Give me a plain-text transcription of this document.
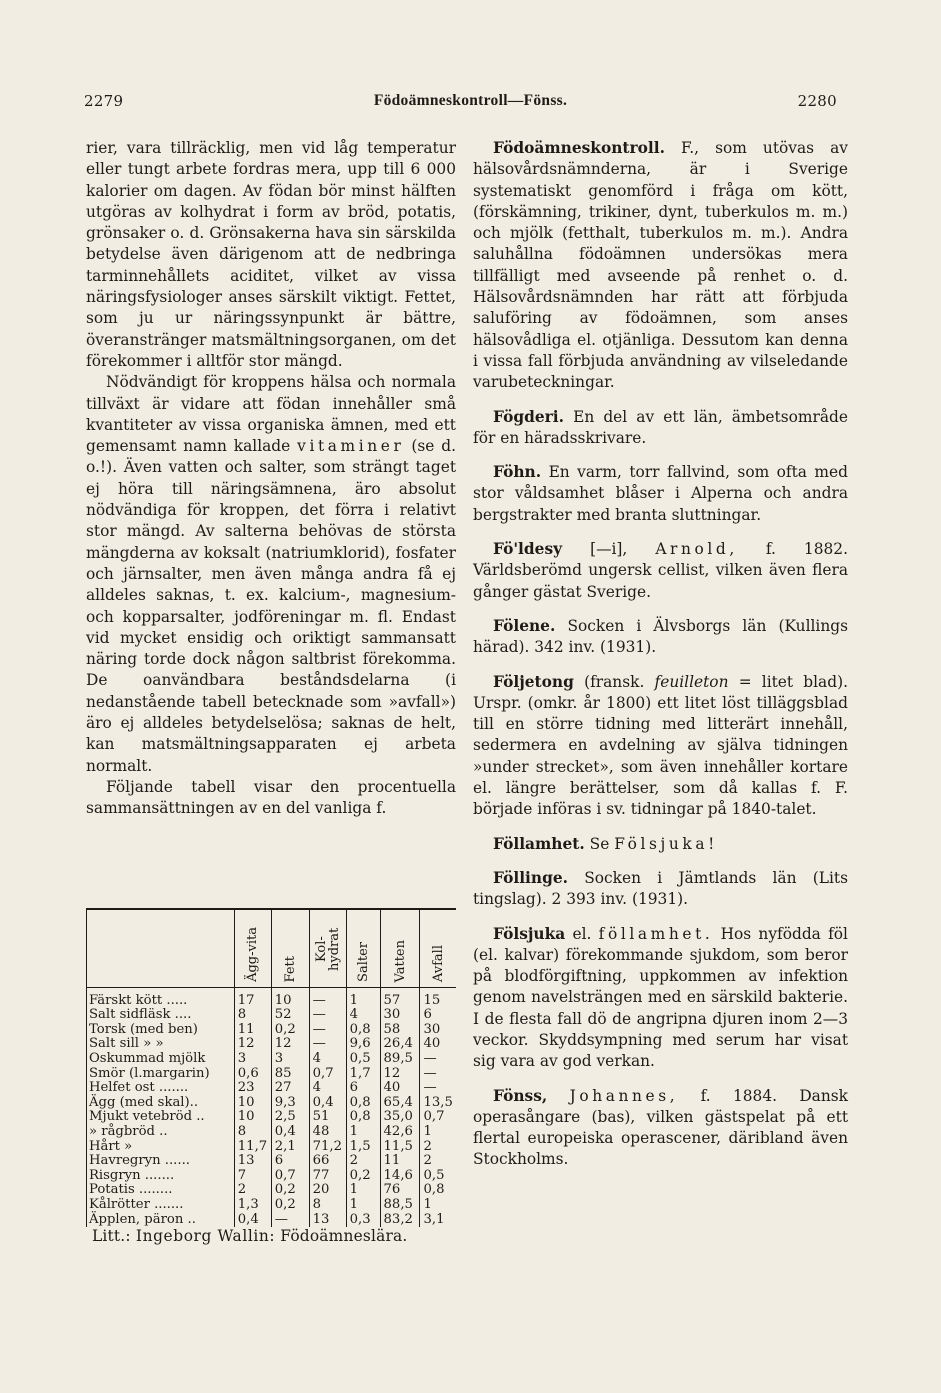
Födoämneskontroll—Fönss.
2279	2280

rier, vara tillräcklig, men vid låg temperatur eller tungt arbete fordras mera, upp till 6 000 kalorier om dagen. Av födan bör minst hälften utgöras av kolhydrat i form av bröd, potatis, grönsaker o. d. Grönsakerna hava sin särskilda betydelse även därigenom att de nedbringa tarminnehållets aciditet, vilket av vissa näringsfysiologer anses särskilt viktigt. Fettet, som ju ur näringssynpunkt är bättre, överanstränger matsmältningsorganen, om det förekommer i alltför stor mängd.

Nödvändigt för kroppens hälsa och normala tillväxt är vidare att födan innehåller små kvantiteter av vissa organiska ämnen, med ett gemensamt namn kallade vitaminer (se d. o.!). Även vatten och salter, som strängt taget ej höra till näringsämnena, äro absolut nödvändiga för kroppen, det förra i relativt stor mängd. Av salterna behövas de största mängderna av koksalt (natriumklorid), fosfater och järnsalter, men även många andra få ej alldeles saknas, t. ex. kalcium-, magnesium- och kopparsalter, jodföreningar m. fl. Endast vid mycket ensidig och oriktigt sammansatt näring torde dock någon saltbrist förekomma. De oanvändbara beståndsdelarna (i nedanstående tabell betecknade som »avfall») äro ej alldeles betydelselösa; saknas de helt, kan matsmältningsapparaten ej arbeta normalt.

Följande tabell visar den procentuella sammansättningen av en del vanliga f.

	Ägg-vita	Fett	Kol-hydrat	Salter	Vatten	Avfall
Färskt kött .....	17	10	—	1	57	15
Salt sidfläsk ....	8	52	—	4	30	6
Torsk (med ben)	11	0,2	—	0,8	58	30
Salt sill » »	12	12	—	9,6	26,4	40
Oskummad mjölk	3	3	4	0,5	89,5	—
Smör (l.margarin)	0,6	85	0,7	1,7	12	—
Helfet ost .......	23	27	4	6	40	—
Ägg (med skal)..	10	9,3	0,4	0,8	65,4	13,5
Mjukt vetebröd ..	10	2,5	51	0,8	35,0	0,7
» rågbröd ..	8	0,4	48	1	42,6	1
Hårt »	11,7	2,1	71,2	1,5	11,5	2
Havregryn ......	13	6	66	2	11	2
Risgryn .......	7	0,7	77	0,2	14,6	0,5
Potatis ........	2	0,2	20	1	76	0,8
Kålrötter .......	1,3	0,2	8	1	88,5	1
Äpplen, päron ..	0,4	—	13	0,3	83,2	3,1
Litt.: Ingeborg Wallin: Födoämneslära.

Födoämneskontroll. F., som utövas av hälsovårdsnämnderna, är i Sverige systematiskt genomförd i fråga om kött, (förskämning, trikiner, dynt, tuberkulos m. m.) och mjölk (fetthalt, tuberkulos m. m.). Andra saluhållna födoämnen undersökas mera tillfälligt med avseende på renhet o. d. Hälsovårdsnämnden har rätt att förbjuda saluföring av födoämnen, som anses hälsovådliga el. otjänliga. Dessutom kan denna i vissa fall förbjuda användning av vilseledande varubeteckningar.

Fögderi. En del av ett län, ämbetsområde för en häradsskrivare.

Föhn. En varm, torr fallvind, som ofta med stor våldsamhet blåser i Alperna och andra bergstrakter med branta sluttningar.

Fö'ldesy [—i], Arnold, f. 1882. Världsberömd ungersk cellist, vilken även flera gånger gästat Sverige.

Fölene. Socken i Älvsborgs län (Kullings härad). 342 inv. (1931).

Följetong (fransk. feuilleton = litet blad). Urspr. (omkr. år 1800) ett litet löst tilläggsblad till en större tidning med litterärt innehåll, sedermera en avdelning av själva tidningen »under strecket», som även innehåller kortare el. längre berättelser, som då kallas f. F. började införas i sv. tidningar på 1840-talet.

Föllamhet. Se Fölsjuka!

Föllinge. Socken i Jämtlands län (Lits tingslag). 2 393 inv. (1931).

Fölsjuka el. föllamhet. Hos nyfödda föl (el. kalvar) förekommande sjukdom, som beror på blodförgiftning, uppkommen av infektion genom navelsträngen med en särskild bakterie. I de flesta fall dö de angripna djuren inom 2—3 veckor. Skyddsympning med serum har visat sig vara av god verkan.

Fönss, Johannes, f. 1884. Dansk operasångare (bas), vilken gästspelat på ett flertal europeiska operascener, däribland även Stockholms.
